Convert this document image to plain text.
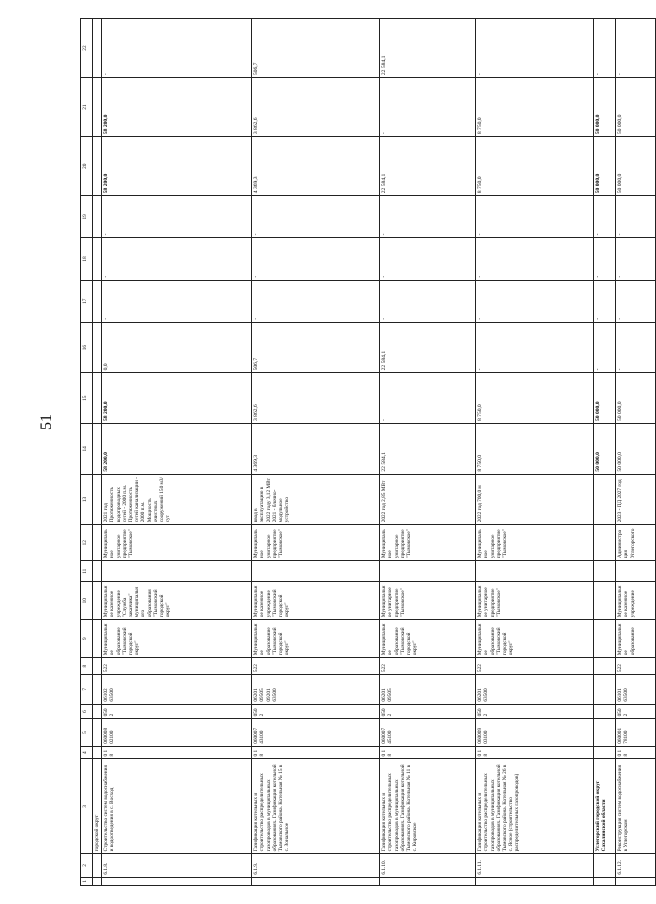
51
1	2	3	4	5	6	7	8	9	10	11	12	13	14	15	16	17	18	19	20	21	22
		городской округ																			
	6.1.8.	Строительство систем водоснабжения и водоотведения в с. Восход	0 1 8	060008 02100	050 2	06102 63500	522	Муниципальное образование "Тымовский городской округ"	Муниципальное казенное учреждение "Служба заказчика" муниципального образования "Тымовский городской округ"		Муниципальное унитарное предприятие "Тымовское"	2021 год Протяженность водопроводных сетей - 2000 п.м. Протяженность сетей канализации - 2000 п.м. Мощность очистных сооружений 150 м3/сут	58 200,0	58 200,0	0,0	-	-	-	58 200,0	58 200,0	-
	6.1.9.	Газификация котельных и строительство распределительных газопроводов в муниципальных образованиях. Газификация котельной Тымовского района. Котельная № 15 в с. Зональное	0 1 8	060007 43100	050 2	06201 09505 09201 63500	522	Муниципальное образование "Тымовский городской округ"	Муниципальное казенное учреждение "Тымовский городской округ"		Муниципальное унитарное предприятие "Тымовское"	ввод в эксплуатацию в 2022 году 3,12 МВт 2021 - блочно-модульное устройство	4 369,3	3 862,6	506,7	-	-	-	4 369,3	3 862,6	506,7
	6.1.10.	Газификация котельных и строительство распределительных газопроводов в муниципальных образованиях. Газификация котельной Тымовского района. Котельная № 11 в с. Кировское	0 1 8	060007 45100	050 2	06201 09505	522	Муниципальное образование "Тымовский городской округ"	Муниципальное унитарное предприятие "Тымовское"		Муниципальное унитарное предприятие "Тымовское"	2022 год 2,85 МВт	22 584,1	-	22 584,1	-	-	-	22 584,1	-	22 584,1
	6.1.11.	Газификация котельных и строительство распределительных газопроводов в муниципальных образованиях. Газификация котельной Тымовского района. Котельная № 26 в с. Ясное (строительство распределительных газопроводов)	0 1 8	060009 03100	050 2	06201 63500	522	Муниципальное образование "Тымовский городской округ"	Муниципальное унитарное предприятие "Тымовское"		Муниципальное унитарное предприятие "Тымовское"	2022 год 700,0 м	8 750,0	8 750,0	-	-	-	-	8 750,0	8 750,0	-
		Углегорский городской округ Сахалинской области											50 000,0	50 000,0	-	-	-	-	50 000,0	50 000,0	-
	6.1.12.	Реконструкция систем водоснабжения в Углегорском	0 1 8	060001 78100	050 2	06101 63500	522	Муниципальное образование	Муниципальное казенное учреждение		Администрация Углегорского	2023 - ПД 2027 год	50 000,0	50 000,0	-	-	-	-	50 000,0	50 000,0	-
